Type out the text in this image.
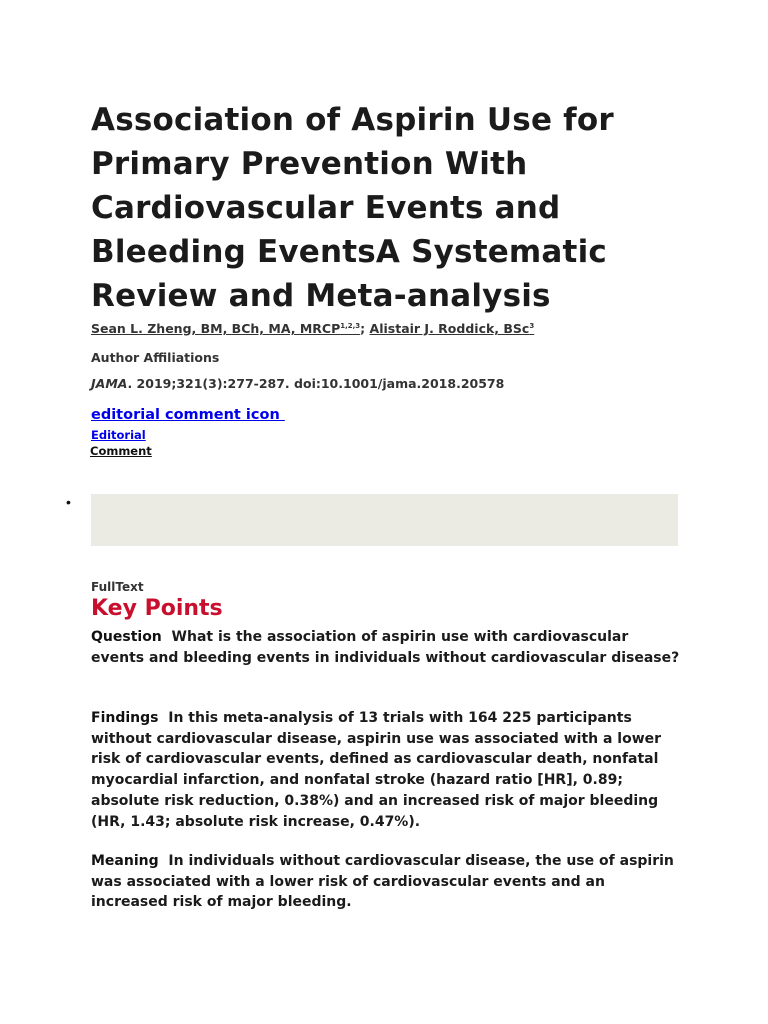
Association of Aspirin Use for Primary Prevention With Cardiovascular Events and Bleeding EventsA Systematic Review and Meta-analysis
Sean L. Zheng, BM, BCh, MA, MRCP$^{1,2,3}$; Alistair J. Roddick, BSc$^3$
Author Affiliations
JAMA. 2019;321(3):277-287. doi:10.1001/jama.2018.20578
editorial comment icon
Editorial
Comment
•
FullText
Key Points

Question What is the association of aspirin use with cardiovascular events and bleeding events in individuals without cardiovascular disease?

Findings In this meta-analysis of 13 trials with 164 225 participants without cardiovascular disease, aspirin use was associated with a lower risk of cardiovascular events, defined as cardiovascular death, nonfatal myocardial infarction, and nonfatal stroke (hazard ratio [HR], 0.89; absolute risk reduction, 0.38%) and an increased risk of major bleeding (HR, 1.43; absolute risk increase, 0.47%).

Meaning In individuals without cardiovascular disease, the use of aspirin was associated with a lower risk of cardiovascular events and an increased risk of major bleeding.
